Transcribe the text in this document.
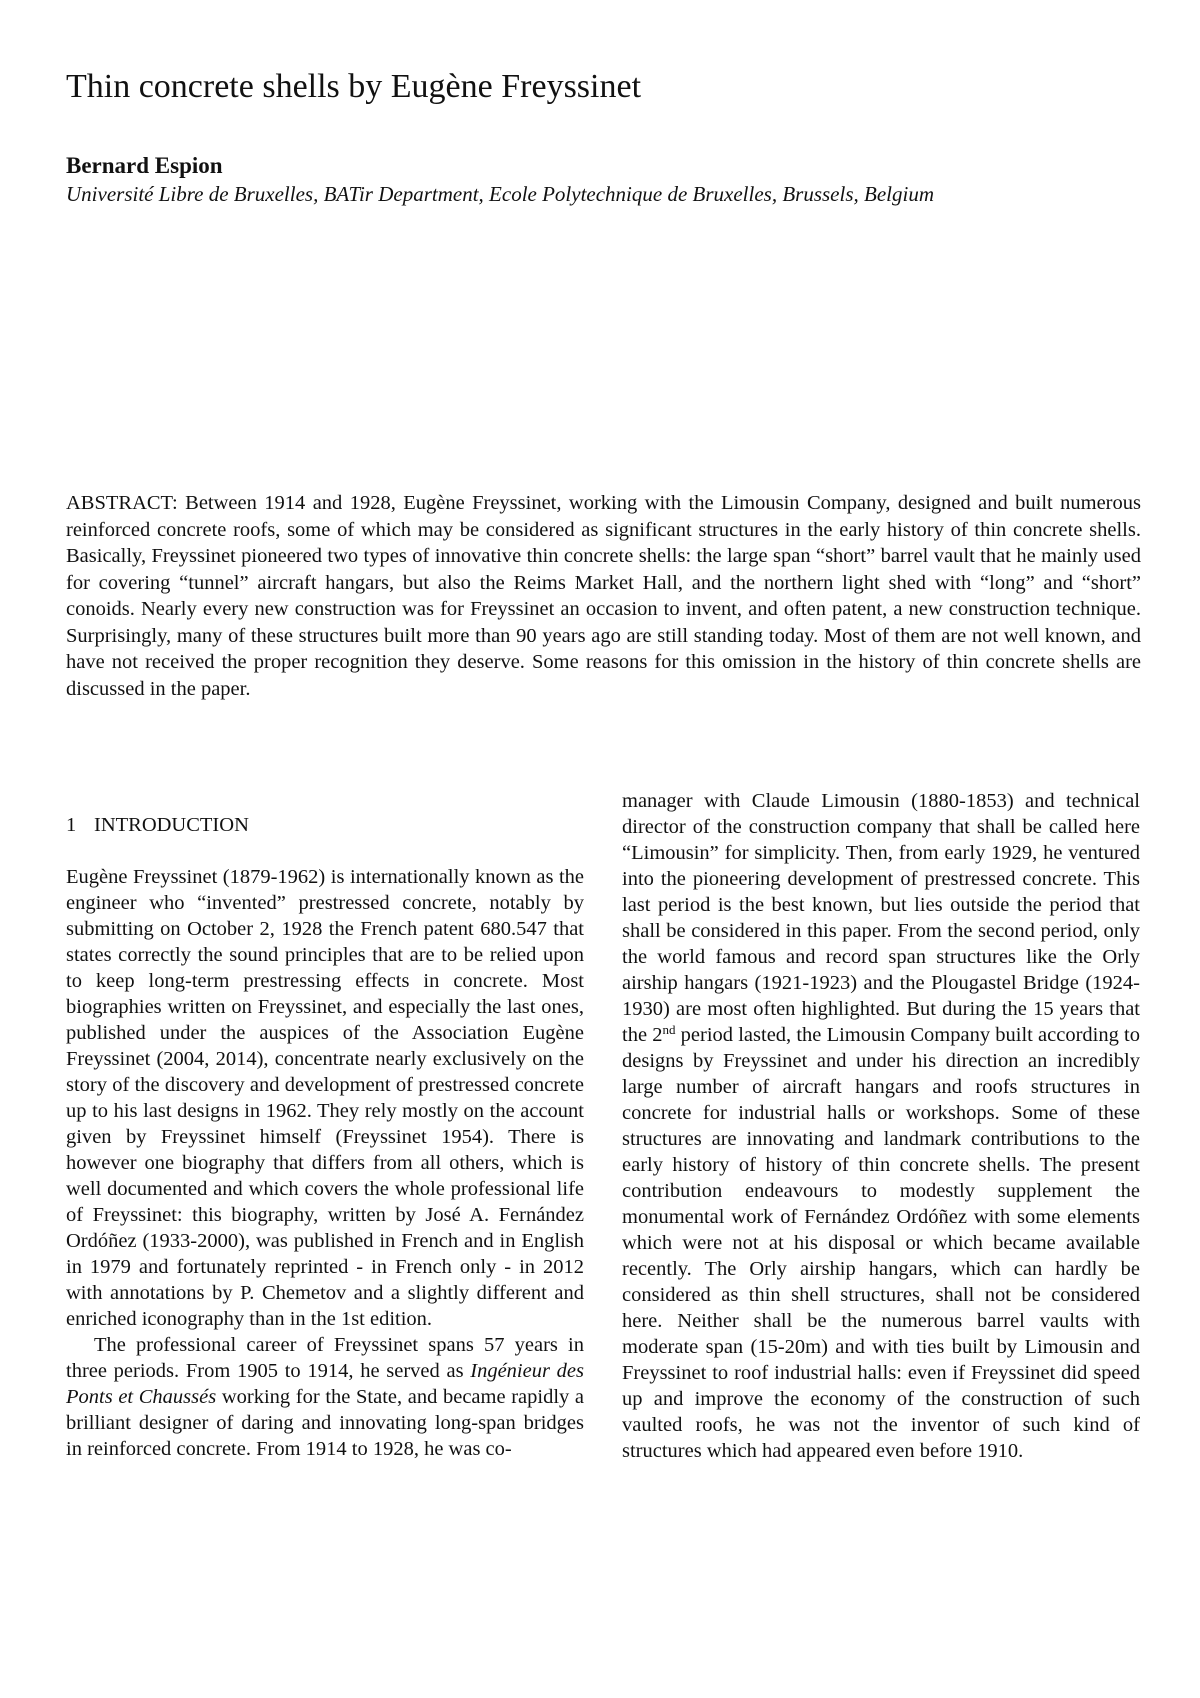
Thin concrete shells by Eugène Freyssinet
Bernard Espion
Université Libre de Bruxelles, BATir Department, Ecole Polytechnique de Bruxelles, Brussels, Belgium

ABSTRACT: Between 1914 and 1928, Eugène Freyssinet, working with the Limousin Company, designed and built numerous reinforced concrete roofs, some of which may be considered as significant structures in the early history of thin concrete shells. Basically, Freyssinet pioneered two types of innovative thin concrete shells: the large span “short” barrel vault that he mainly used for covering “tunnel” aircraft hangars, but also the Reims Market Hall, and the northern light shed with “long” and “short” conoids. Nearly every new construction was for Freyssinet an occasion to invent, and often patent, a new construction technique. Surprisingly, many of these structures built more than 90 years ago are still standing today. Most of them are not well known, and have not received the proper recognition they deserve. Some reasons for this omission in the history of thin concrete shells are discussed in the paper.

1 INTRODUCTION

Eugène Freyssinet (1879-1962) is internationally known as the engineer who “invented” prestressed concrete, notably by submitting on October 2, 1928 the French patent 680.547 that states correctly the sound principles that are to be relied upon to keep long-term prestressing effects in concrete. Most biographies written on Freyssinet, and especially the last ones, published under the auspices of the Association Eugène Freyssinet (2004, 2014), concentrate nearly exclusively on the story of the discovery and development of prestressed concrete up to his last designs in 1962. They rely mostly on the account given by Freyssinet himself (Freyssinet 1954). There is however one biography that differs from all others, which is well documented and which covers the whole professional life of Freyssinet: this biography, written by José A. Fernández Ordóñez (1933-2000), was published in French and in English in 1979 and fortunately reprinted - in French only - in 2012 with annotations by P. Chemetov and a slightly different and enriched iconography than in the 1st edition.

The professional career of Freyssinet spans 57 years in three periods. From 1905 to 1914, he served as Ingénieur des Ponts et Chaussés working for the State, and became rapidly a brilliant designer of daring and innovating long-span bridges in reinforced concrete. From 1914 to 1928, he was co-

manager with Claude Limousin (1880-1853) and technical director of the construction company that shall be called here “Limousin” for simplicity. Then, from early 1929, he ventured into the pioneering development of prestressed concrete. This last period is the best known, but lies outside the period that shall be considered in this paper. From the second period, only the world famous and record span structures like the Orly airship hangars (1921-1923) and the Plougastel Bridge (1924-1930) are most often highlighted. But during the 15 years that the 2nd period lasted, the Limousin Company built according to designs by Freyssinet and under his direction an incredibly large number of aircraft hangars and roofs structures in concrete for industrial halls or workshops. Some of these structures are innovating and landmark contributions to the early history of history of thin concrete shells. The present contribution endeavours to modestly supplement the monumental work of Fernández Ordóñez with some elements which were not at his disposal or which became available recently. The Orly airship hangars, which can hardly be considered as thin shell structures, shall not be considered here. Neither shall be the numerous barrel vaults with moderate span (15-20m) and with ties built by Limousin and Freyssinet to roof industrial halls: even if Freyssinet did speed up and improve the economy of the construction of such vaulted roofs, he was not the inventor of such kind of structures which had appeared even before 1910.
